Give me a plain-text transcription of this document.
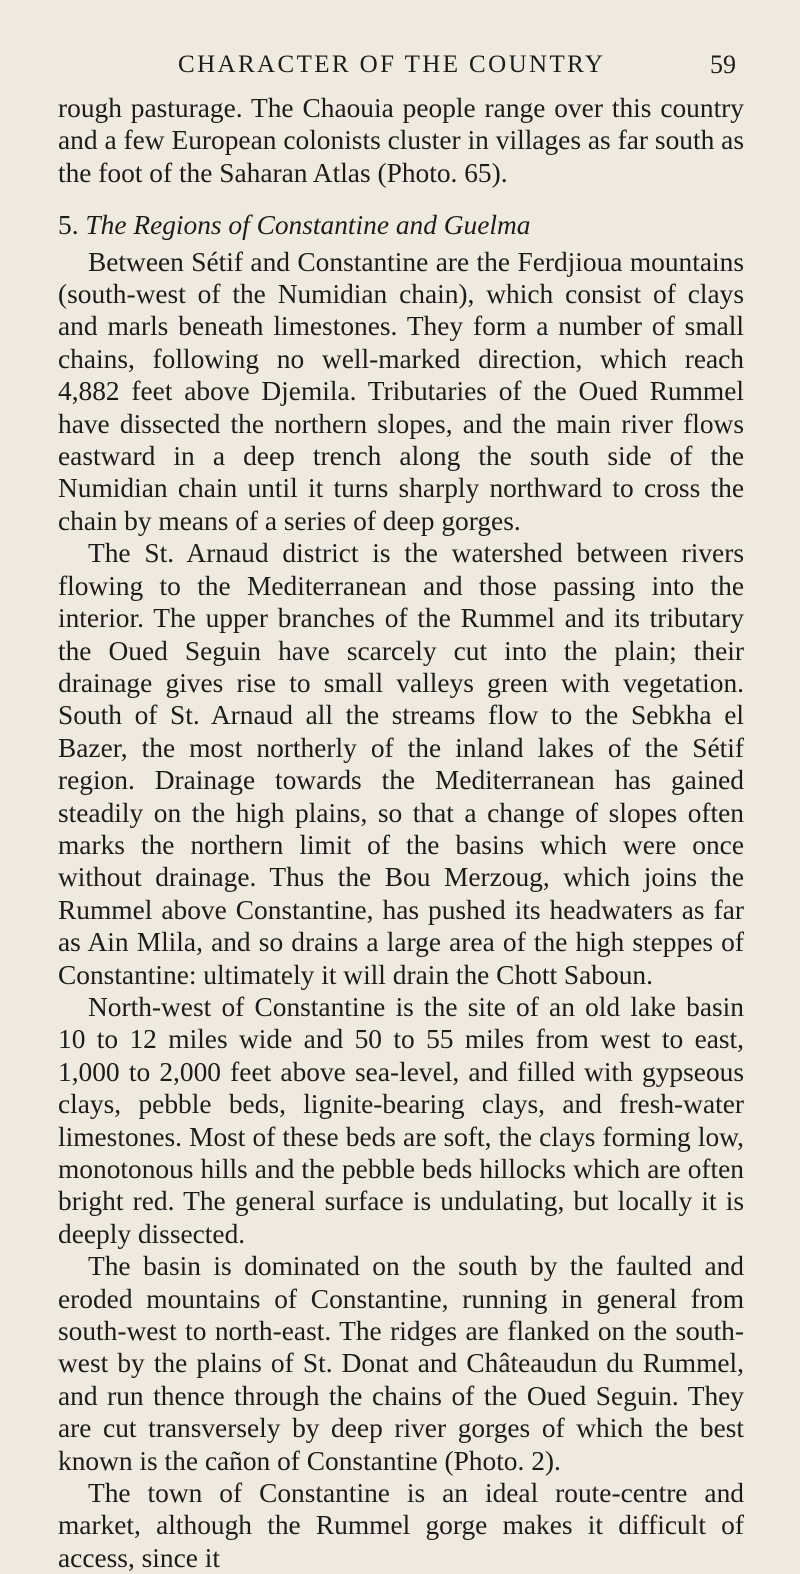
CHARACTER OF THE COUNTRY	59

rough pasturage. The Chaouia people range over this country and a few European colonists cluster in villages as far south as the foot of the Saharan Atlas (Photo. 65).

5. The Regions of Constantine and Guelma

Between Sétif and Constantine are the Ferdjioua mountains (south-west of the Numidian chain), which consist of clays and marls beneath limestones. They form a number of small chains, following no well-marked direction, which reach 4,882 feet above Djemila. Tributaries of the Oued Rummel have dissected the northern slopes, and the main river flows eastward in a deep trench along the south side of the Numidian chain until it turns sharply northward to cross the chain by means of a series of deep gorges.

The St. Arnaud district is the watershed between rivers flowing to the Mediterranean and those passing into the interior. The upper branches of the Rummel and its tributary the Oued Seguin have scarcely cut into the plain; their drainage gives rise to small valleys green with vegetation. South of St. Arnaud all the streams flow to the Sebkha el Bazer, the most northerly of the inland lakes of the Sétif region. Drainage towards the Mediterranean has gained steadily on the high plains, so that a change of slopes often marks the northern limit of the basins which were once without drainage. Thus the Bou Merzoug, which joins the Rummel above Constantine, has pushed its headwaters as far as Ain Mlila, and so drains a large area of the high steppes of Constantine: ultimately it will drain the Chott Saboun.

North-west of Constantine is the site of an old lake basin 10 to 12 miles wide and 50 to 55 miles from west to east, 1,000 to 2,000 feet above sea-level, and filled with gypseous clays, pebble beds, lignite-bearing clays, and fresh-water limestones. Most of these beds are soft, the clays forming low, monotonous hills and the pebble beds hillocks which are often bright red. The general surface is undulating, but locally it is deeply dissected.

The basin is dominated on the south by the faulted and eroded mountains of Constantine, running in general from south-west to north-east. The ridges are flanked on the south-west by the plains of St. Donat and Châteaudun du Rummel, and run thence through the chains of the Oued Seguin. They are cut transversely by deep river gorges of which the best known is the cañon of Constantine (Photo. 2).

The town of Constantine is an ideal route-centre and market, although the Rummel gorge makes it difficult of access, since it
